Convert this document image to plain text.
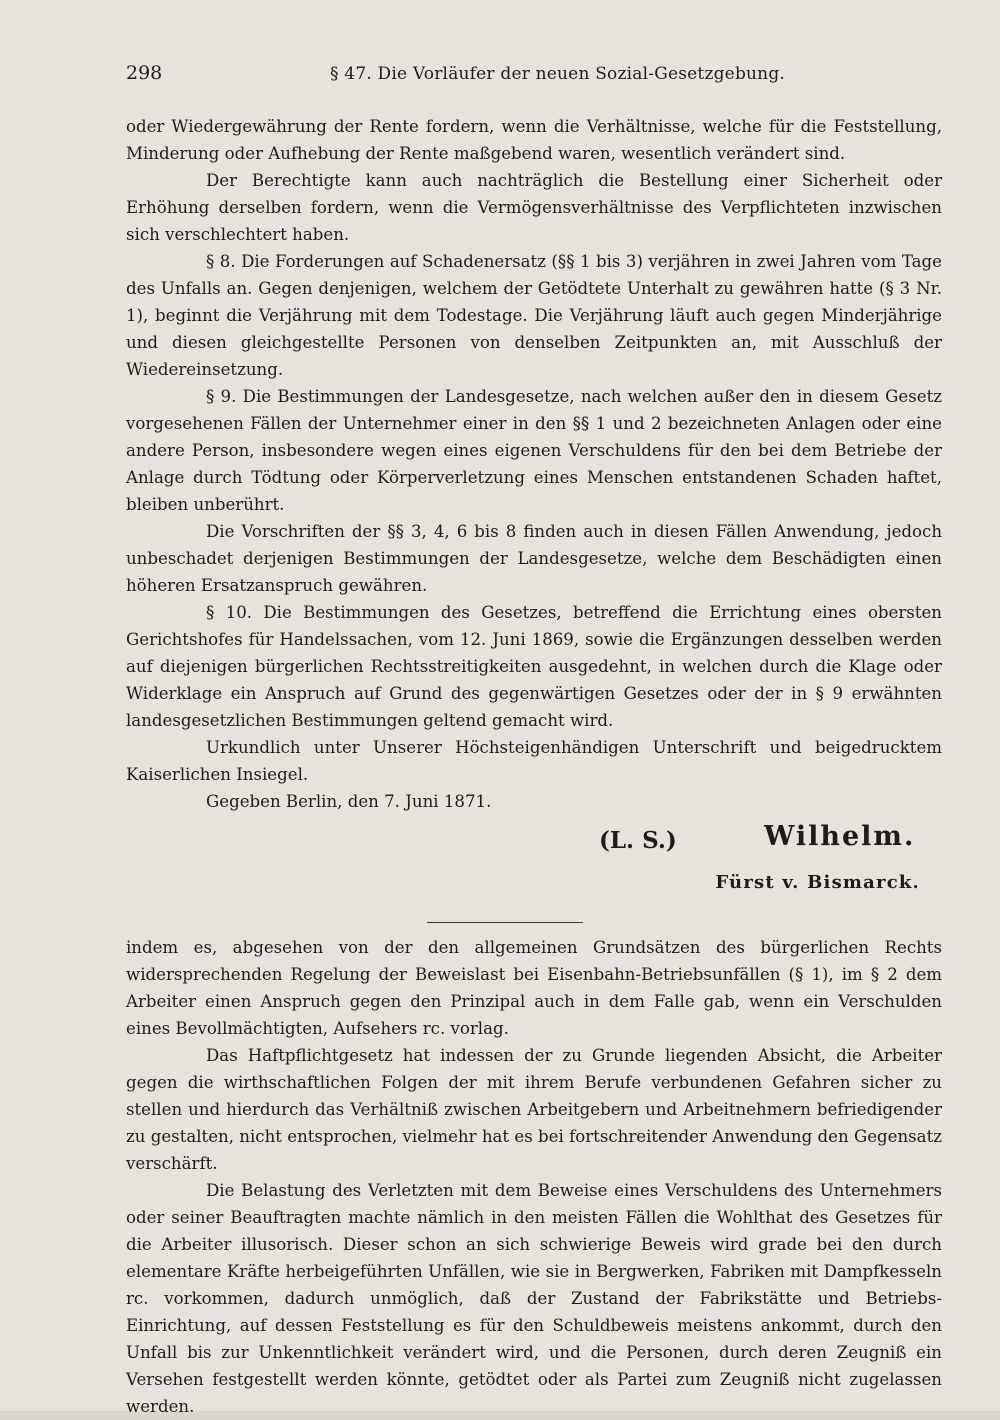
298	§ 47. Die Vorläufer der neuen Sozial-Gesetzgebung.

oder Wiedergewährung der Rente fordern, wenn die Verhältnisse, welche für die Feststellung, Minderung oder Aufhebung der Rente maßgebend waren, wesentlich verändert sind.

Der Berechtigte kann auch nachträglich die Bestellung einer Sicherheit oder Erhöhung derselben fordern, wenn die Vermögensverhältnisse des Verpflichteten inzwischen sich verschlechtert haben.

§ 8. Die Forderungen auf Schadenersatz (§§ 1 bis 3) verjähren in zwei Jahren vom Tage des Unfalls an. Gegen denjenigen, welchem der Getödtete Unterhalt zu gewähren hatte (§ 3 Nr. 1), beginnt die Verjährung mit dem Todestage. Die Verjährung läuft auch gegen Minderjährige und diesen gleichgestellte Personen von denselben Zeitpunkten an, mit Ausschluß der Wiedereinsetzung.

§ 9. Die Bestimmungen der Landesgesetze, nach welchen außer den in diesem Gesetz vorgesehenen Fällen der Unternehmer einer in den §§ 1 und 2 bezeichneten Anlagen oder eine andere Person, insbesondere wegen eines eigenen Verschuldens für den bei dem Betriebe der Anlage durch Tödtung oder Körperverletzung eines Menschen entstandenen Schaden haftet, bleiben unberührt.

Die Vorschriften der §§ 3, 4, 6 bis 8 finden auch in diesen Fällen Anwendung, jedoch unbeschadet derjenigen Bestimmungen der Landesgesetze, welche dem Beschädigten einen höheren Ersatzanspruch gewähren.

§ 10. Die Bestimmungen des Gesetzes, betreffend die Errichtung eines obersten Gerichtshofes für Handelssachen, vom 12. Juni 1869, sowie die Ergänzungen desselben werden auf diejenigen bürgerlichen Rechtsstreitigkeiten ausgedehnt, in welchen durch die Klage oder Widerklage ein Anspruch auf Grund des gegenwärtigen Gesetzes oder der in § 9 erwähnten landesgesetzlichen Bestimmungen geltend gemacht wird.

Urkundlich unter Unserer Höchsteigenhändigen Unterschrift und beigedrucktem Kaiserlichen Insiegel.

Gegeben Berlin, den 7. Juni 1871.

(L. S.)	Wilhelm.
Fürst v. Bismarck.

indem es, abgesehen von der den allgemeinen Grundsätzen des bürgerlichen Rechts widersprechenden Regelung der Beweislast bei Eisenbahn-Betriebsunfällen (§ 1), im § 2 dem Arbeiter einen Anspruch gegen den Prinzipal auch in dem Falle gab, wenn ein Verschulden eines Bevollmächtigten, Aufsehers rc. vorlag.

Das Haftpflichtgesetz hat indessen der zu Grunde liegenden Absicht, die Arbeiter gegen die wirthschaftlichen Folgen der mit ihrem Berufe verbundenen Gefahren sicher zu stellen und hierdurch das Verhältniß zwischen Arbeitgebern und Arbeitnehmern befriedigender zu gestalten, nicht entsprochen, vielmehr hat es bei fortschreitender Anwendung den Gegensatz verschärft.

Die Belastung des Verletzten mit dem Beweise eines Verschuldens des Unternehmers oder seiner Beauftragten machte nämlich in den meisten Fällen die Wohlthat des Gesetzes für die Arbeiter illusorisch. Dieser schon an sich schwierige Beweis wird grade bei den durch elementare Kräfte herbeigeführten Unfällen, wie sie in Bergwerken, Fabriken mit Dampfkesseln rc. vorkommen, dadurch unmöglich, daß der Zustand der Fabrikstätte und Betriebs-Einrichtung, auf dessen Feststellung es für den Schuldbeweis meistens ankommt, durch den Unfall bis zur Unkenntlichkeit verändert wird, und die Personen, durch deren Zeugniß ein Versehen festgestellt werden könnte, getödtet oder als Partei zum Zeugniß nicht zugelassen werden.
